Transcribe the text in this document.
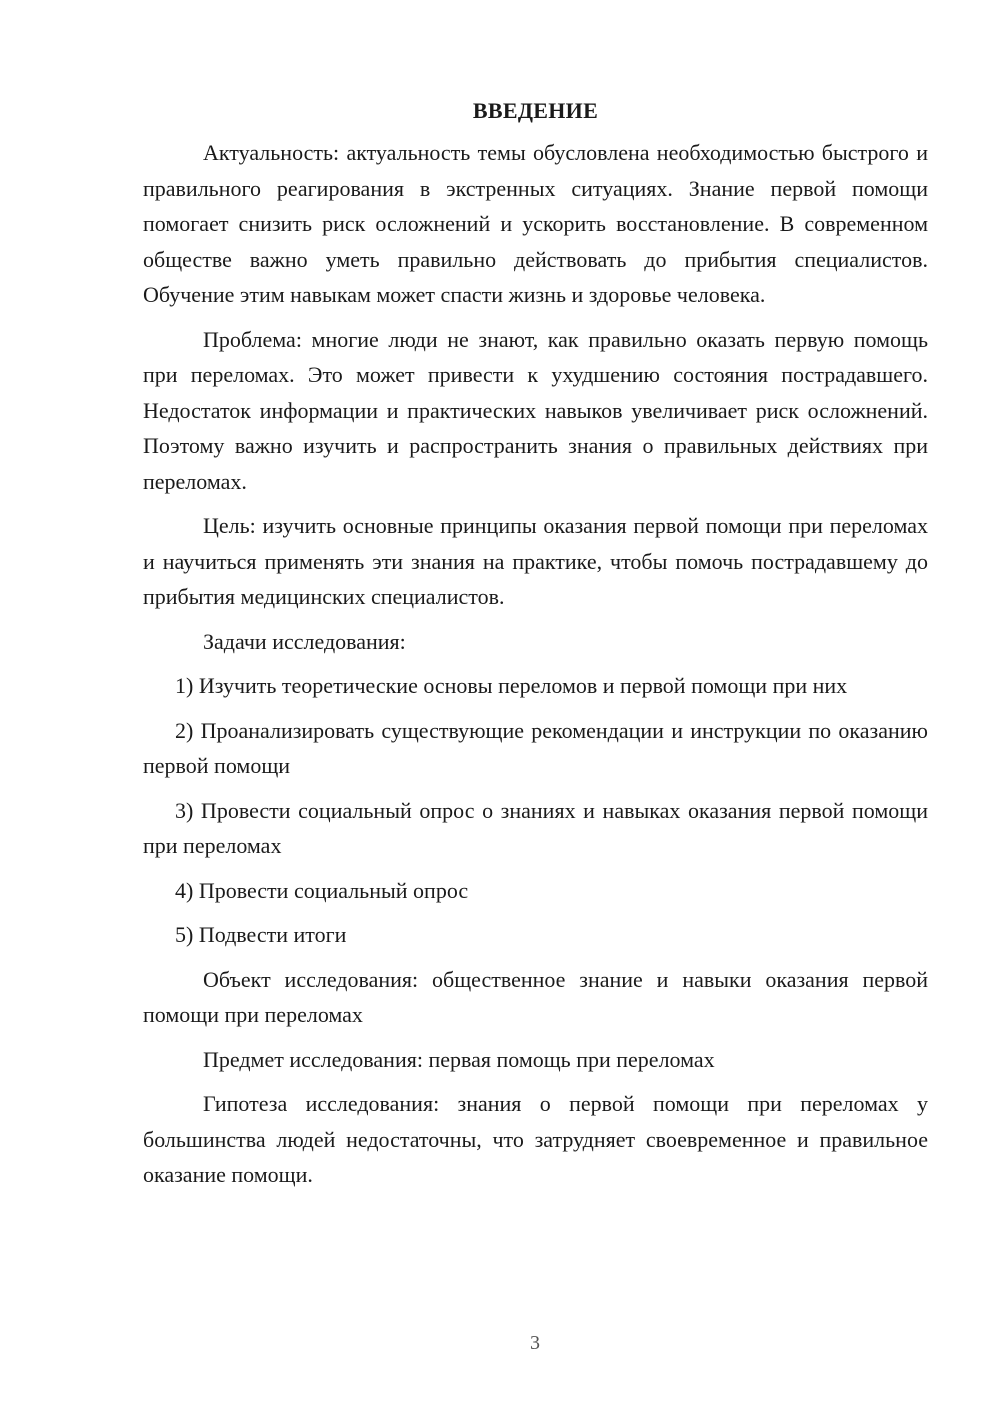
ВВЕДЕНИЕ

Актуальность: актуальность темы обусловлена необходимостью быстрого и правильного реагирования в экстренных ситуациях. Знание первой помощи помогает снизить риск осложнений и ускорить восстановление. В современном обществе важно уметь правильно действовать до прибытия специалистов. Обучение этим навыкам может спасти жизнь и здоровье человека.

Проблема: многие люди не знают, как правильно оказать первую помощь при переломах. Это может привести к ухудшению состояния пострадавшего. Недостаток информации и практических навыков увеличивает риск осложнений. Поэтому важно изучить и распространить знания о правильных действиях при переломах.

Цель: изучить основные принципы оказания первой помощи при переломах и научиться применять эти знания на практике, чтобы помочь пострадавшему до прибытия медицинских специалистов.

Задачи исследования:

1) Изучить теоретические основы переломов и первой помощи при них

2) Проанализировать существующие рекомендации и инструкции по оказанию первой помощи

3) Провести социальный опрос о знаниях и навыках оказания первой помощи при переломах

4) Провести социальный опрос

5) Подвести итоги

Объект исследования: общественное знание и навыки оказания первой помощи при переломах

Предмет исследования: первая помощь при переломах

Гипотеза исследования: знания о первой помощи при переломах у большинства людей недостаточны, что затрудняет своевременное и правильное оказание помощи.

3
